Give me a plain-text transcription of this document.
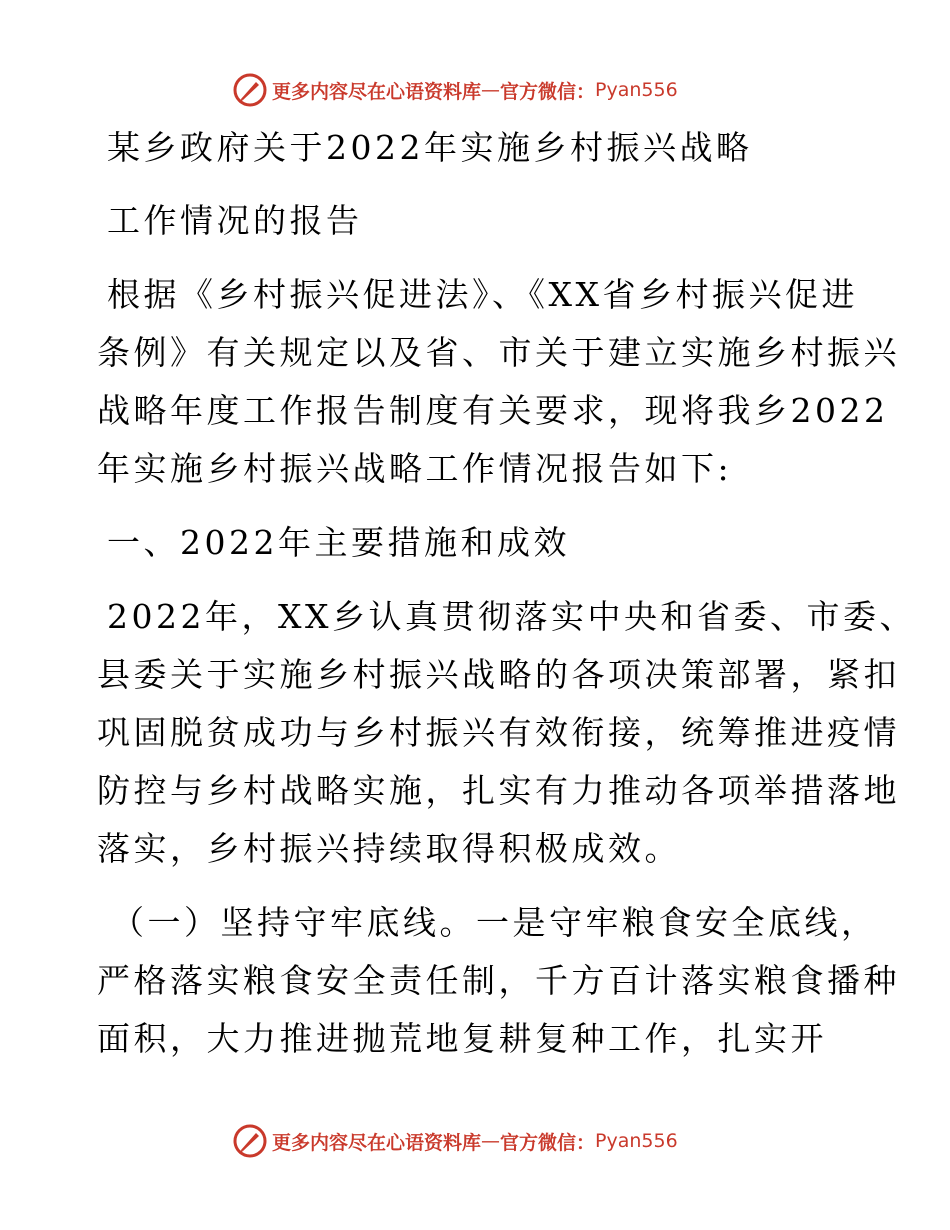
更多内容尽在心语资料库 — 官方微信： Pyan556
某乡政府关于2022年实施乡村振兴战略
工作情况的报告
根据《乡村振兴促进法》、《XX省乡村振兴促进
条例》有关规定以及省、市关于建立实施乡村振兴
战略年度工作报告制度有关要求，现将我乡2022
年实施乡村振兴战略工作情况报告如下:
一、2022年主要措施和成效
2022年，XX乡认真贯彻落实中央和省委、市委、
县委关于实施乡村振兴战略的各项决策部署，紧扣
巩固脱贫成功与乡村振兴有效衔接，统筹推进疫情
防控与乡村战略实施，扎实有力推动各项举措落地
落实，乡村振兴持续取得积极成效。
（一）坚持守牢底线。一是守牢粮食安全底线，
严格落实粮食安全责任制，千方百计落实粮食播种
面积，大力推进抛荒地复耕复种工作，扎实开
更多内容尽在心语资料库 — 官方微信： Pyan556
